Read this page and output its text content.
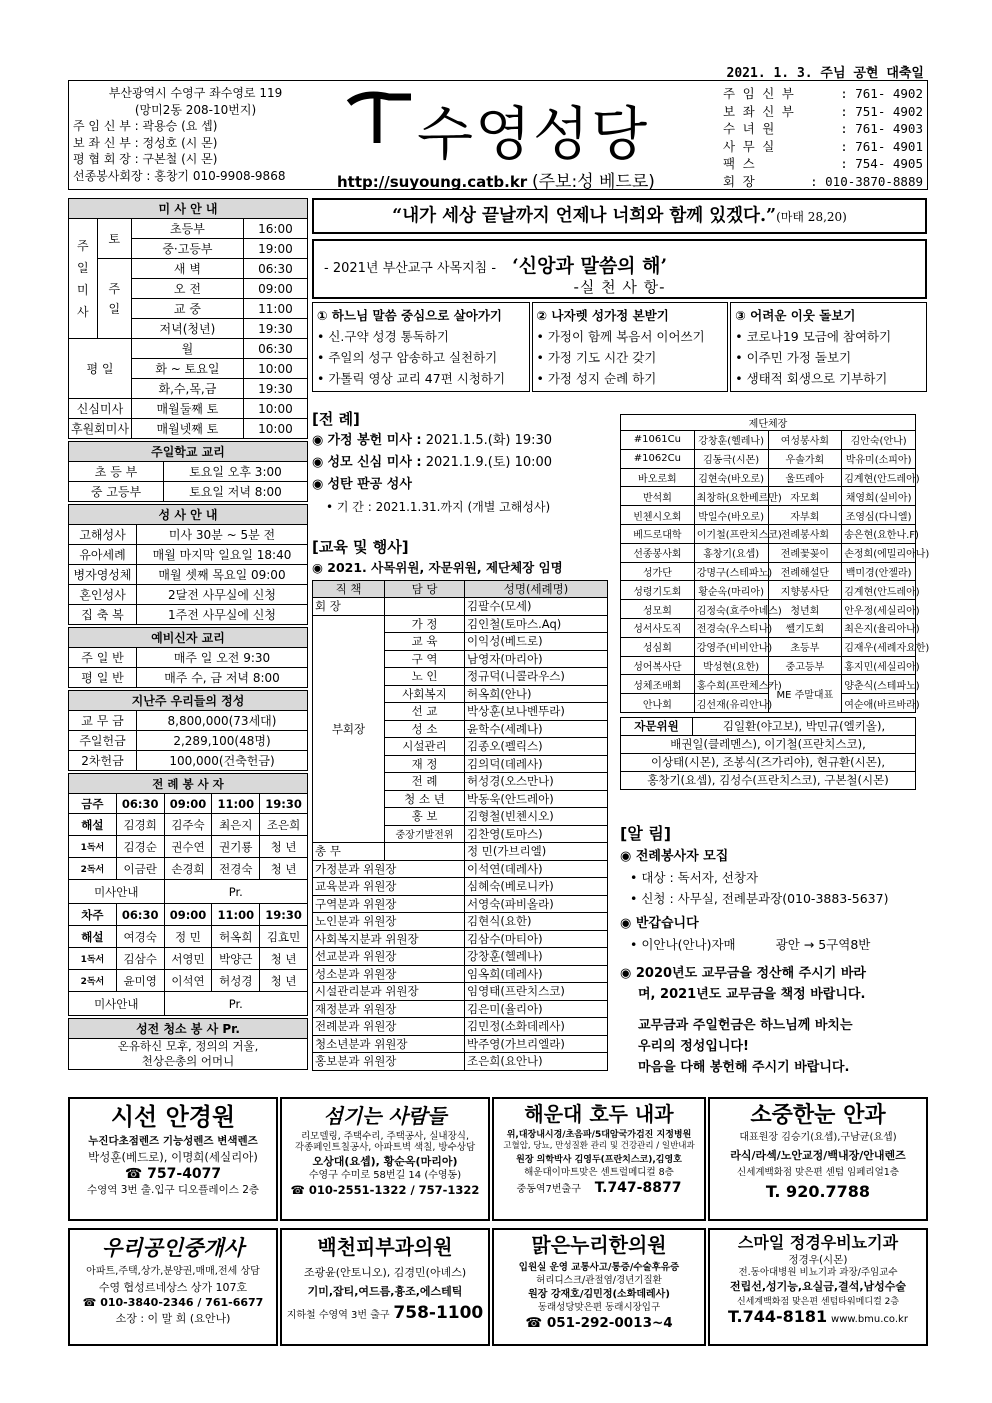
2021. 1. 3. 주님 공현 대축일
부산광역시 수영구 좌수영로 119
(망미2동 208-10번지)
주 임 신 부 : 곽용승 (요 셉)
보 좌 신 부 : 정성호 (시 몬)
평 협 회 장 : 구본철 (시 몬)
선종봉사회장 : 홍창기 010-9908-9868
수영성당
http://suyoung.catb.kr (주보:성 베드로)
주 임 신 부	: 761- 4902
보 좌 신 부	: 751- 4902
수 녀 원	: 761- 4903
사 무 실	: 761- 4901
팩 스	: 754- 4905
회 장	: 010-3870-8889
미 사 안 내			
주
일
미
사	토	초등부	16:00
		중·고등부	19:00
	주
일	새 벽	06:30
		오 전	09:00
		교 중	11:00
		저녁(청년)	19:30
평 일		월	06:30
		화 ~ 토요일	10:00
		화,수,목,금	19:30
신심미사		매월둘째 토	10:00
후원회미사		매월넷째 토	10:00
주일학교 교리	
초 등 부	토요일 오후 3:00
중 고등부	토요일 저녁 8:00
성 사 안 내	
고해성사	미사 30분 ~ 5분 전
유아세례	매월 마지막 일요일 18:40
병자영성체	매월 셋째 목요일 09:00
혼인성사	2달전 사무실에 신청
집 축 복	1주전 사무실에 신청
예비신자 교리	
주 일 반	매주 일 오전 9:30
평 일 반	매주 수, 금 저녁 8:00
지난주 우리들의 정성	
교 무 금	8,800,000(73세대)
주일헌금	2,289,100(48명)
2차헌금	100,000(건축헌금)
전 례 봉 사 자				
금주	06:30	09:00	11:00	19:30
해설	김경희	김주숙	최은지	조은희
1독서	김경순	권수연	권기룡	청 년
2독서	이금란	손경희	전경숙	청 년
미사안내		Pr.		
차주	06:30	09:00	11:00	19:30
해설	여경숙	정 민	허옥희	김효민
1독서	김삼수	서영민	박양근	청 년
2독서	윤미영	이석연	허성경	청 년
미사안내		Pr.		
성전 청소 봉 사 Pr.

온유하신 모후, 정의의 거울,
천상은총의 어머니
“내가 세상 끝날까지 언제나 너희와 함께 있겠다.”(마태 28,20)
- 2021년 부산교구 사목지침 - ‘신앙과 말씀의 해’
-실 천 사 항-
① 하느님 말씀 중심으로 살아가기
• 신.구약 성경 통독하기
• 주일의 성구 암송하고 실천하기
• 가톨릭 영상 교리 47편 시청하기
② 나자렛 성가정 본받기
• 가정이 함께 복음서 이어쓰기
• 가정 기도 시간 갖기
• 가정 성지 순례 하기
③ 어려운 이웃 돌보기
• 코로나19 모금에 참여하기
• 이주민 가정 돌보기
• 생태적 회생으로 기부하기
[전 례]
◉ 가정 봉헌 미사 : 2021.1.5.(화) 19:30
◉ 성모 신심 미사 : 2021.1.9.(토) 10:00
◉ 성탄 판공 성사
• 기 간 : 2021.1.31.까지 (개별 고해성사)
[교육 및 행사]
◉ 2021. 사목위원, 자문위원, 제단체장 임명
직 책	담 당	성명(세례명)
회 장		김팔수(모세)
부회장	가 정	김인철(토마스.Aq)
	교 육	이익성(베드로)
	구 역	남영자(마리아)
	노 인	정규덕(니콜라우스)
	사회복지	허옥희(안나)
	선 교	박상훈(보나벤뚜라)
	성 소	윤학수(세례나)
	시설관리	김종오(펠릭스)
	재 정	김의덕(데레사)
	전 례	허성경(오스만나)
	청 소 년	박동욱(안드레아)
	홍 보	김형철(빈첸시오)
	중장기발전위	김찬영(토마스)
총 무		정 민(가브리엘)
가정분과 위원장		이석연(데레사)
교육분과 위원장		심혜숙(베로니카)
구역분과 위원장		서영숙(파비올라)
노인분과 위원장		김현식(요한)
사회복지분과 위원장		김삼수(마티아)
선교분과 위원장		강창훈(헬레나)
성소분과 위원장		임옥희(데레사)
시설관리분과 위원장		임영태(프란치스코)
재정분과 위원장		김은미(율리아)
전례분과 위원장		김민정(소화데레사)
청소년분과 위원장		박주영(가브리엘라)
홍보분과 위원장		조은희(요안나)
제단체장			
#1061Cu	강창훈(헬레나)	여성봉사회	김안숙(안나)
#1062Cu	김동극(시몬)	우솔가회	박유미(소피아)
바오로회	김현숙(바오로)	울뜨레아	김계현(안드레아)
반석회	최창하(요한베르만)	자모회	채영희(실비아)
빈첸시오회	박일수(바오로)	자부회	조영심(다니엘)
베드로대학	이기철(프란치스코)	전례봉사회	송은현(요한나.F)
선종봉사회	홍창기(요셉)	전례꽃꽂이	손정희(에밀리아나)
성가단	강명구(스테파노)	전례해설단	백미경(안젤라)
성령기도회	황순옥(마리아)	지향봉사단	김계현(안드레아)
성모회	김정숙(효주아녜스)	청년회	안우정(세실리아)
성서사도직	전경숙(우스티나)	쎌기도회	최은지(율리아나)
성심회	강영주(비비안나)	초등부	김재우(세례자요한)
성어복사단	박성현(요한)	중고등부	홍지민(세실리아)
성체조배회	홍수희(프란체스카)	ME 주말대표	양춘식(스테파노)
안나회	김선재(유리안나)		여순애(바르바라)
자문위원	김일환(야고보), 박민규(엘키올),
배권일(클레멘스), 이기철(프란치스코),
이상태(시몬), 조봉식(즈가리야), 현규환(시몬),
홍창기(요셉), 김성수(프란치스코), 구본철(시몬)
[알 림]
◉ 전례봉사자 모집
• 대상 : 독서자, 선창자
• 신청 : 사무실, 전례분과장(010-3883-5637)
◉ 반갑습니다
• 이안나(안나)자매	광안 → 5구역8반
◉ 2020년도 교무금을 정산해 주시기 바라
며, 2021년도 교무금을 책정 바랍니다.
교무금과 주일헌금은 하느님께 바치는
우리의 정성입니다!
마음을 다해 봉헌해 주시기 바랍니다.
시선 안경원
누진다초점렌즈 기능성렌즈 변색렌즈
박성훈(베드로), 이명희(세실리아)
☎ 757-4077
수영역 3번 출.입구 디오플레이스 2층
섬기는 사람들
리모델링, 주택수리, 주택공사, 실내장식,
각종페인트칠공사, 아파트벽 색칠, 방수상담
오상대(요셉), 황순옥(마리아)
수영구 수미로 58번길 14 (수영동)
☎ 010-2551-1322 / 757-1322
해운대 호두 내과
위,대장내시경/초음파/5대암국가검진 지정병원
고혈압, 당뇨, 만성질환 관리 및 건강관리 / 일반내과
원장 의학박사 김영두(프란치스코),김영호
해운대이마트맞은 센트럴메디컬 8층
중동역7번출구 T.747-8877
소중한눈 안과
대표원장 김승기(요셉),구남균(요셉)
라식/라섹/노안교정/백내장/안내렌즈
신세계백화점 맞은편 센텀 임페리얼1층
T. 920.7788
우리공인중개사
아파트,주택,상가,분양권,매매,전세 상담
수영 협성르네상스 상가 107호
☎ 010-3840-2346 / 761-6677
소장 : 이 말 희 (요안나)
백천피부과의원
조광윤(안토니오), 김경민(아녜스)
기미,잡티,여드름,흉조,에스테틱
지하철 수영역 3번 출구 758-1100
맑은누리한의원
입원실 운영 교통사고/통증/수술후유증
허리디스크/관절염/경년기질환
원장 강재호/김민정(소화데레사)
동래성당맞은편 동래시장입구
☎ 051-292-0013~4
스마일 정경우비뇨기과
정경우(시몬)
전.동아대병원 비뇨기과 과장/주임교수
전립선,성기능,요실금,결석,남성수술
신세계백화점 맞은편 센텀타워메디컬 2층
T.744-8181 www.bmu.co.kr
